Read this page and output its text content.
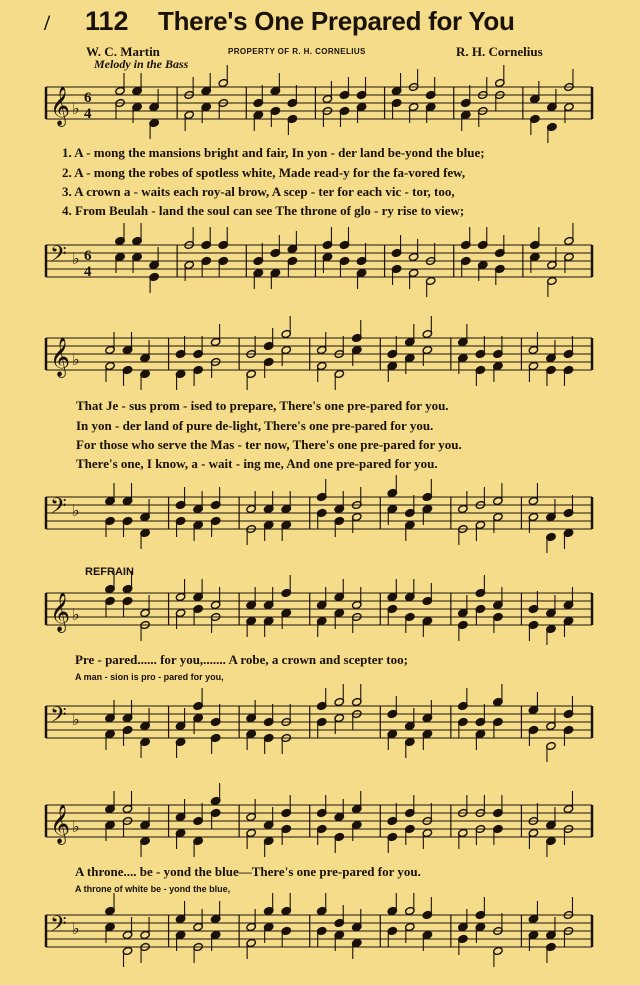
/ 112 There's One Prepared for You
W. C. Martin	PROPERTY OF R. H. CORNELIUS	R. H. Cornelius
Melody in the Bass
𝄞 ♭
6
4
𝄢 ♭ 6
4
𝄞 ♭
𝄢 ♭
𝄞 ♭
𝄢 ♭
𝄞 ♭
𝄢 ♭
1. A - mong the mansions bright and fair, In yon - der land be-yond the blue;
2. A - mong the robes of spotless white, Made read-y for the fa-vored few,
3. A crown a - waits each roy-al brow, A scep - ter for each vic - tor, too,
4. From Beulah - land the soul can see The throne of glo - ry rise to view;
That Je - sus prom - ised to prepare, There's one pre-pared for you.
In yon - der land of pure de-light, There's one pre-pared for you.
For those who serve the Mas - ter now, There's one pre-pared for you.
There's one, I know, a - wait - ing me, And one pre-pared for you.
REFRAIN
Pre - pared...... for you,....... A robe, a crown and scepter too;
A man - sion is pro - pared for you,
A throne.... be - yond the blue—There's one pre-pared for you.
A throne of white be - yond the blue,
